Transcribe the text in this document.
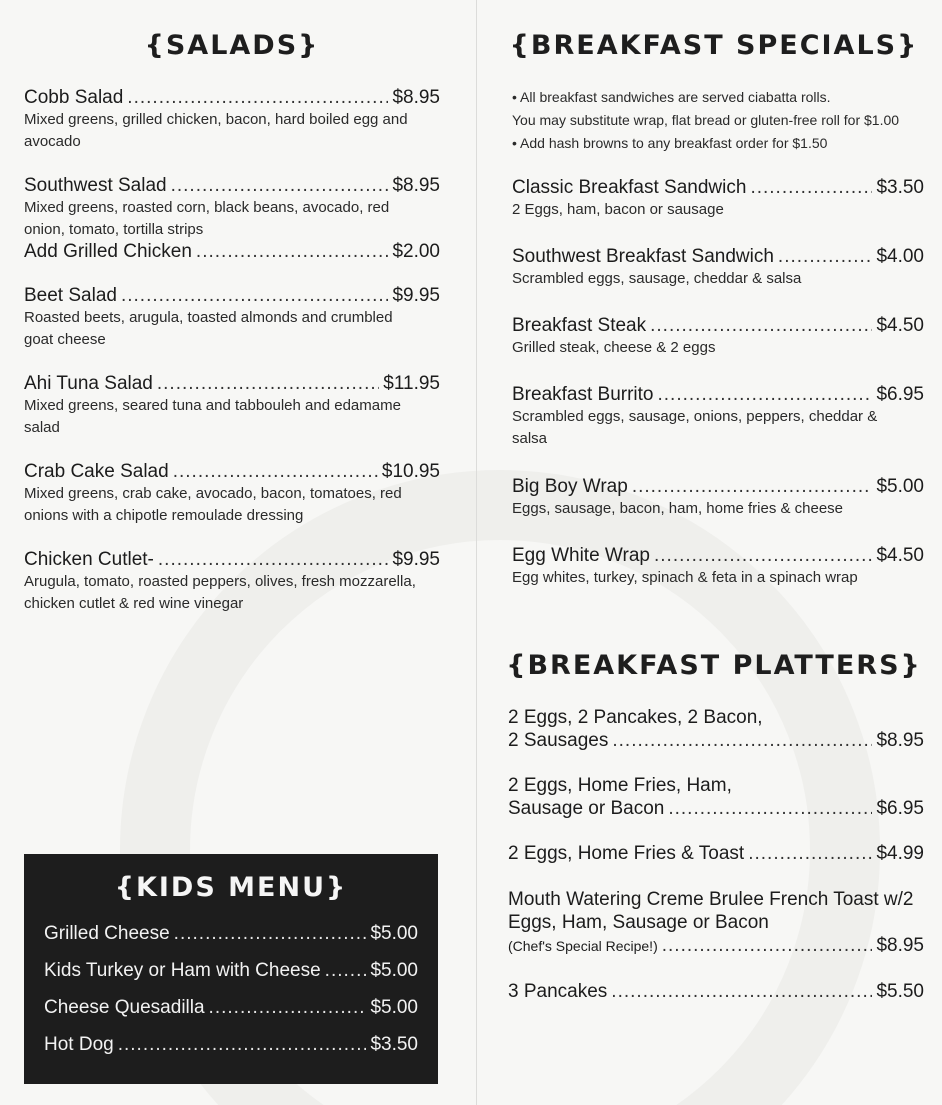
{SALADS}
Cobb Salad .....	$8.95
Mixed greens, grilled chicken, bacon, hard boiled egg and avocado
Southwest Salad .....	$8.95
Mixed greens, roasted corn, black beans, avocado, red onion, tomato, tortilla strips
Add Grilled Chicken .....	$2.00
Beet Salad .....	$9.95
Roasted beets, arugula, toasted almonds and crumbled goat cheese
Ahi Tuna Salad .....	$11.95
Mixed greens, seared tuna and tabbouleh and edamame salad
Crab Cake Salad .....	$10.95
Mixed greens, crab cake, avocado, bacon, tomatoes, red onions with a chipotle remoulade dressing
Chicken Cutlet- .....	$9.95
Arugula, tomato, roasted peppers, olives, fresh mozzarella, chicken cutlet & red wine vinegar
{KIDS MENU}
Grilled Cheese .....	$5.00
Kids Turkey or Ham with Cheese .....	$5.00
Cheese Quesadilla .....	$5.00
Hot Dog .....	$3.50
{BREAKFAST SPECIALS}
• All breakfast sandwiches are served ciabatta rolls.
You may substitute wrap, flat bread or gluten-free roll for $1.00
• Add hash browns to any breakfast order for $1.50
Classic Breakfast Sandwich .....	$3.50
2 Eggs, ham, bacon or sausage
Southwest Breakfast Sandwich .....	$4.00
Scrambled eggs, sausage, cheddar & salsa
Breakfast Steak .....	$4.50
Grilled steak, cheese & 2 eggs
Breakfast Burrito .....	$6.95
Scrambled eggs, sausage, onions, peppers, cheddar & salsa
Big Boy Wrap .....	$5.00
Eggs, sausage, bacon, ham, home fries & cheese
Egg White Wrap .....	$4.50
Egg whites, turkey, spinach & feta in a spinach wrap
{BREAKFAST PLATTERS}
2 Eggs, 2 Pancakes, 2 Bacon,
2 Sausages .....	$8.95
2 Eggs, Home Fries, Ham,
Sausage or Bacon .....	$6.95
2 Eggs, Home Fries & Toast .....	$4.99
Mouth Watering Creme Brulee French Toast w/2
Eggs, Ham, Sausage or Bacon
(Chef's Special Recipe!) .....	$8.95
3 Pancakes .....	$5.50
